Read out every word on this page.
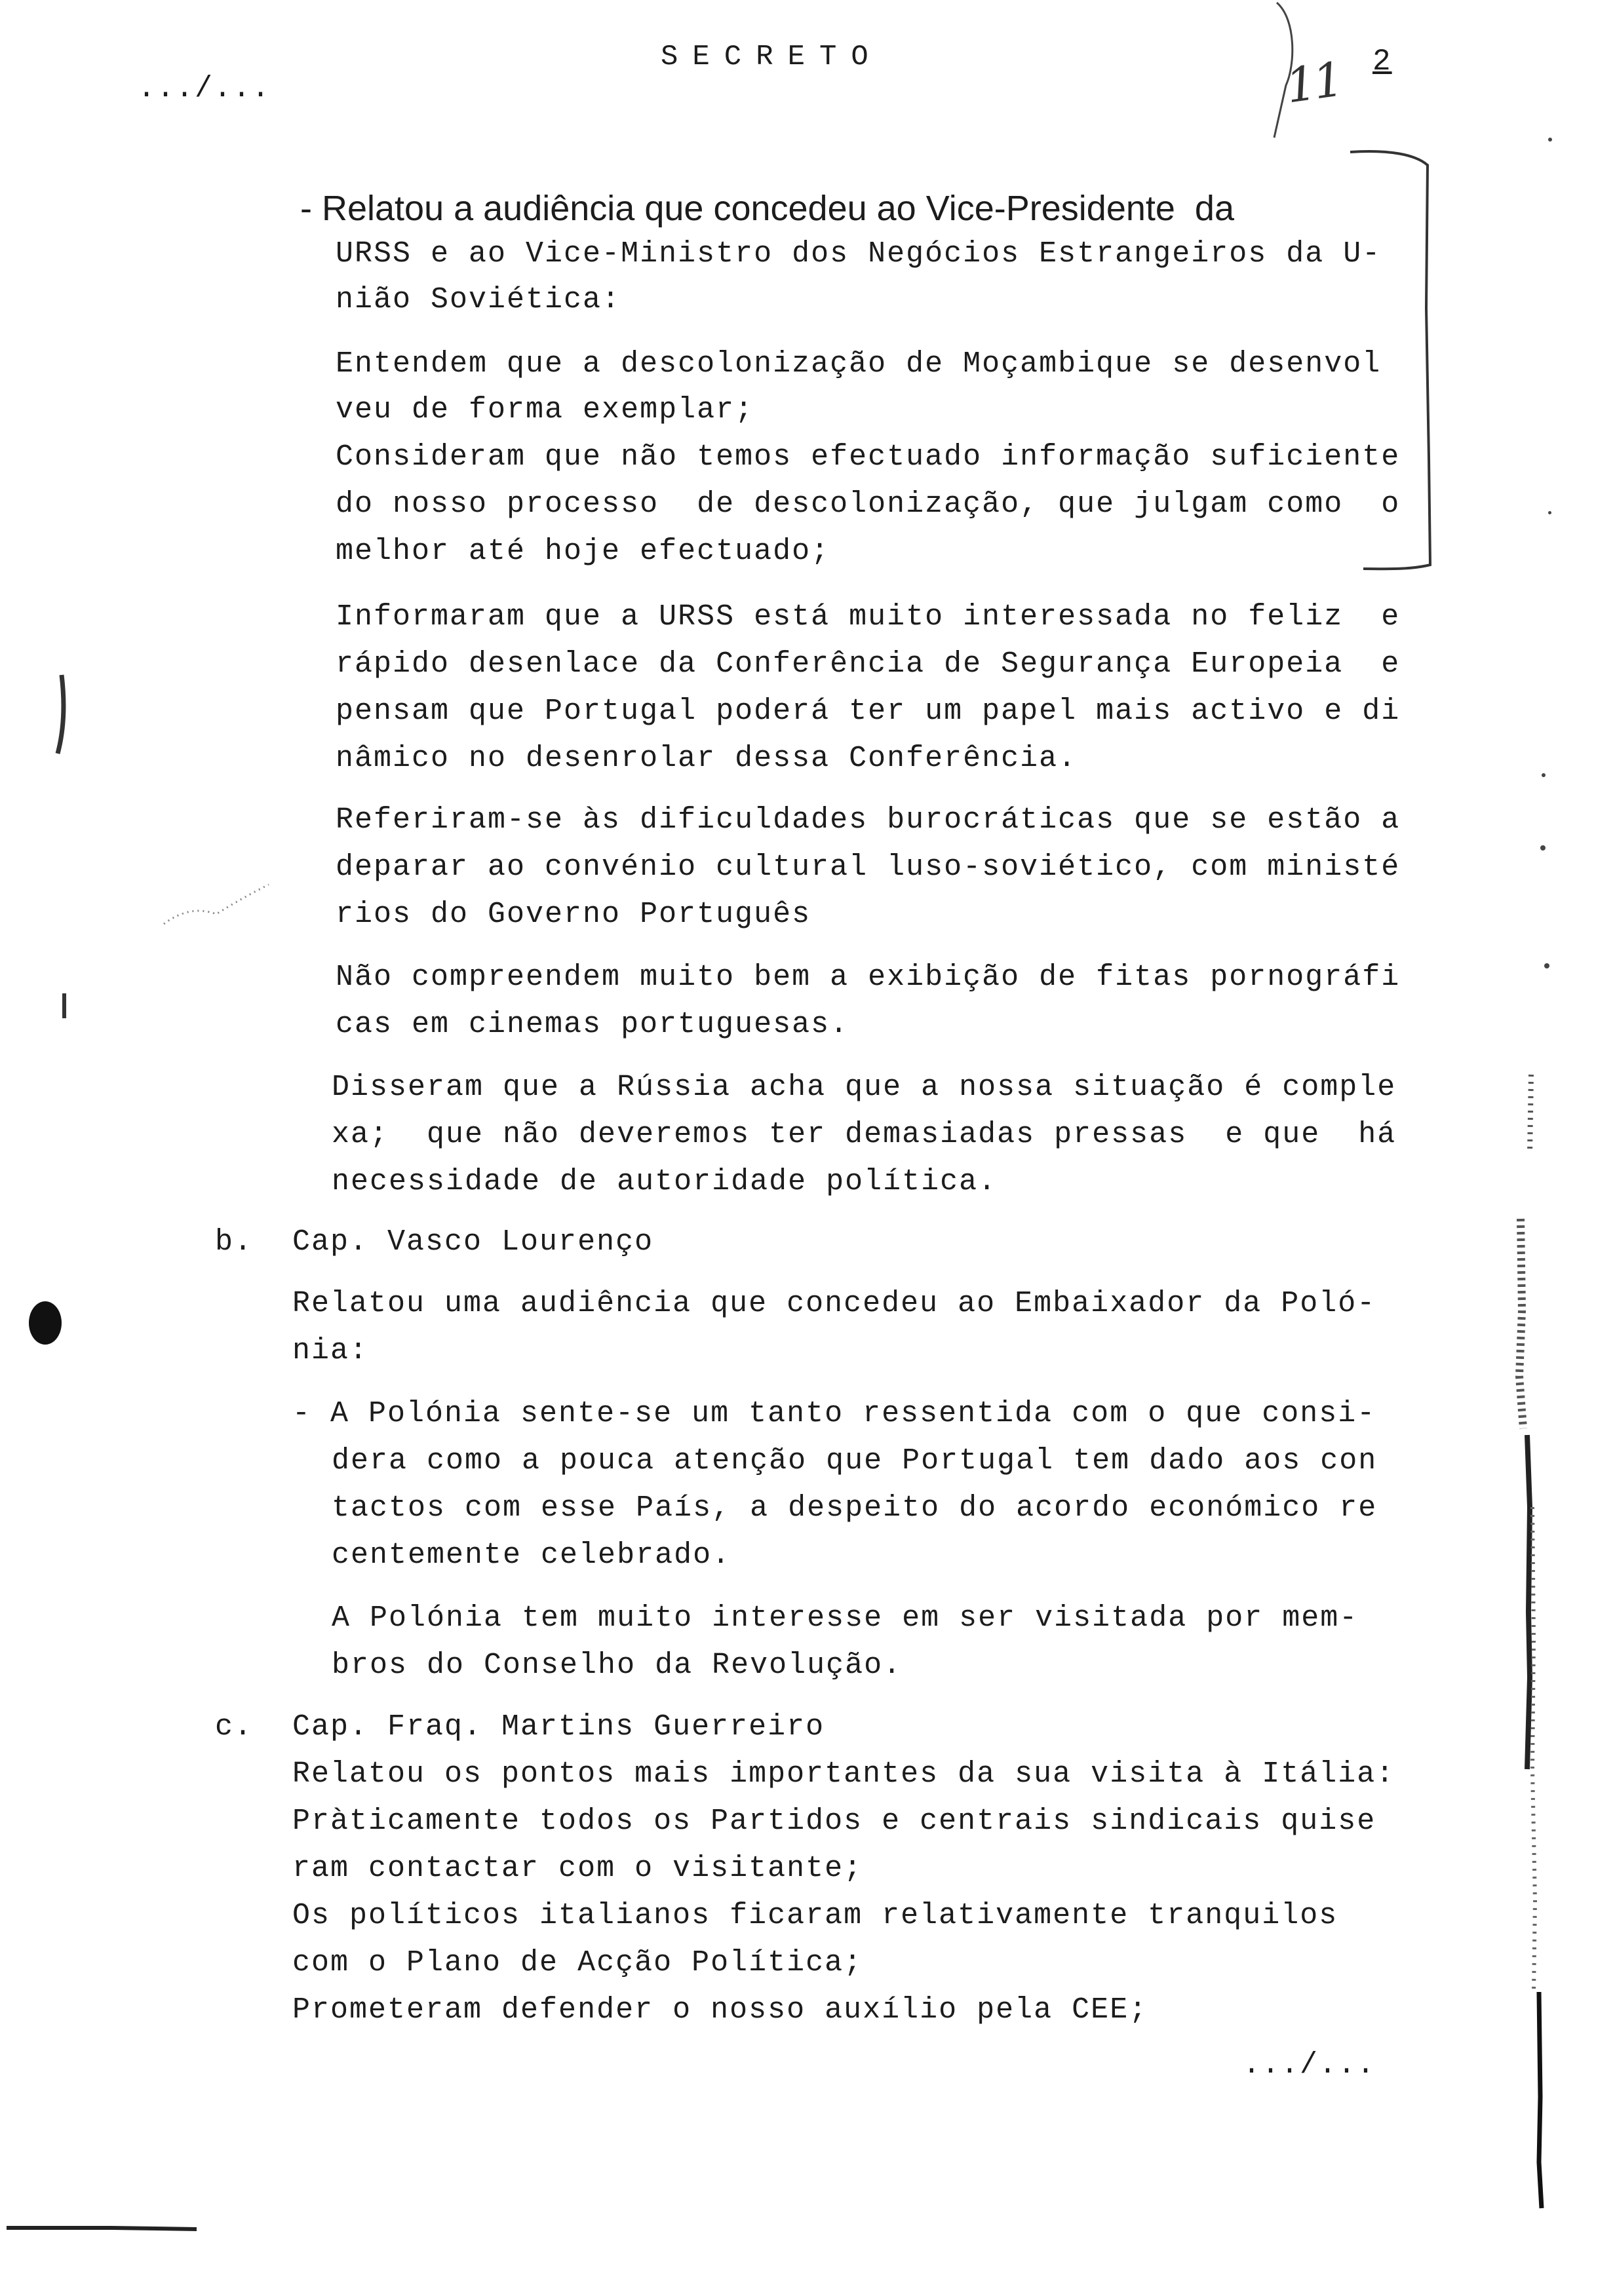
.../...
SECRETO	11 2
- Relatou a audiência que concedeu ao Vice-Presidente  da
URSS e ao Vice-Ministro dos Negócios Estrangeiros da U-
nião Soviética:
Entendem que a descolonização de Moçambique se desenvol
veu de forma exemplar;
Consideram que não temos efectuado informação suficiente
do nosso processo  de descolonização, que julgam como  o
melhor até hoje efectuado;
Informaram que a URSS está muito interessada no feliz  e
rápido desenlace da Conferência de Segurança Europeia  e
pensam que Portugal poderá ter um papel mais activo e di
nâmico no desenrolar dessa Conferência.
Referiram-se às dificuldades burocráticas que se estão a
deparar ao convénio cultural luso-soviético, com ministé
rios do Governo Português
Não compreendem muito bem a exibição de fitas pornográfi
cas em cinemas portuguesas.
Disseram que a Rússia acha que a nossa situação é comple
xa;  que não deveremos ter demasiadas pressas  e que  há
necessidade de autoridade política.
b. Cap. Vasco Lourenço
Relatou uma audiência que concedeu ao Embaixador da Poló-
nia:
- A Polónia sente-se um tanto ressentida com o que consi-
dera como a pouca atenção que Portugal tem dado aos con
tactos com esse País, a despeito do acordo económico re
centemente celebrado.
A Polónia tem muito interesse em ser visitada por mem-
bros do Conselho da Revolução.
c. Cap. Fraq. Martins Guerreiro
Relatou os pontos mais importantes da sua visita à Itália:
Pràticamente todos os Partidos e centrais sindicais quise
ram contactar com o visitante;
Os políticos italianos ficaram relativamente tranquilos
com o Plano de Acção Política;
Prometeram defender o nosso auxílio pela CEE;
.../...
